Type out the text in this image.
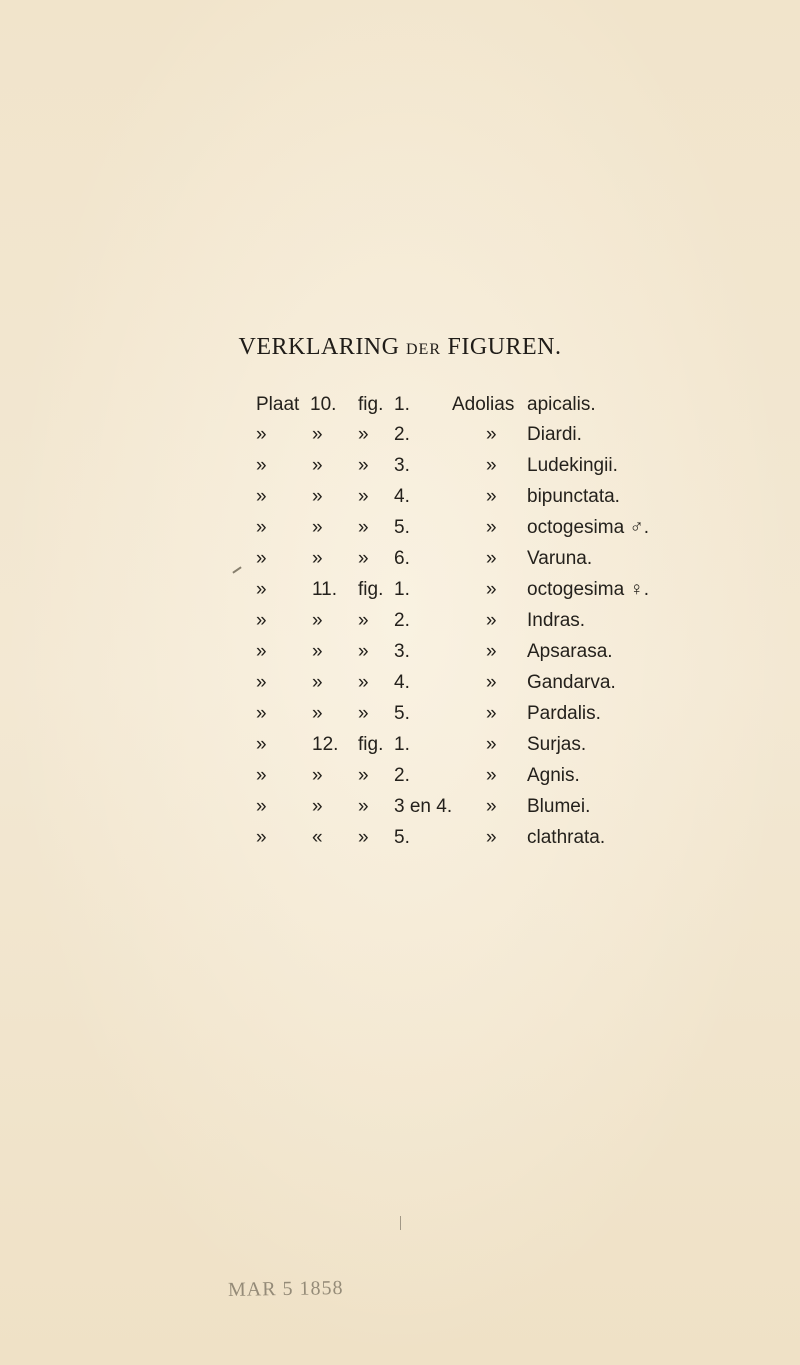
VERKLARING DER FIGUREN.
Plaat 10. fig. 1. Adolias apicalis.
» » » 2.	» Diardi.
» » » 3.	» Ludekingii.
» » » 4.	» bipunctata.
» » » 5.	» octogesima ♂.
» » » 6.	» Varuna.
» 11. fig. 1.	» octogesima ♀.
» » » 2.	» Indras.
» » » 3.	» Apsarasa.
» » » 4.	» Gandarva.
» » » 5.	» Pardalis.
» 12. fig. 1.	» Surjas.
» » » 2.	» Agnis.
» » » 3 en 4. » Blumei.
» « » 5.	» clathrata.
MAR 5 1858
